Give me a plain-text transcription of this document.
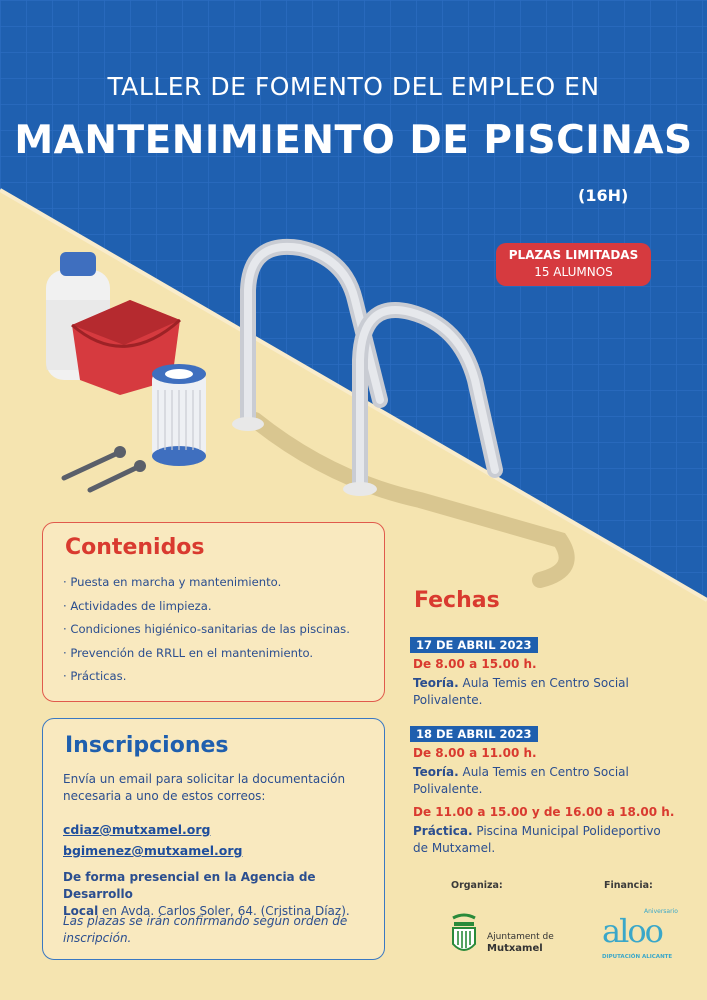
TALLER DE FOMENTO DEL EMPLEO EN
MANTENIMIENTO DE PISCINAS
(16H)
PLAZAS LIMITADAS
15 ALUMNOS
Contenidos
· Puesta en marcha y mantenimiento.
· Actividades de limpieza.
· Condiciones higiénico-sanitarias de las piscinas.
· Prevención de RRLL en el mantenimiento.
· Prácticas.
Inscripciones
Envía un email para solicitar la documentación
necesaria a uno de estos correos:
cdiaz@mutxamel.org
bgimenez@mutxamel.org
De forma presencial en la Agencia de Desarrollo
Local en Avda. Carlos Soler, 64. (Cristina Díaz).
Las plazas se irán confirmando según orden de
inscripción.
Fechas
17 DE ABRIL 2023
De 8.00 a 15.00 h.
Teoría. Aula Temis en Centro Social
Polivalente.
18 DE ABRIL 2023
De 8.00 a 11.00 h.
Teoría. Aula Temis en Centro Social
Polivalente.
De 11.00 a 15.00 y de 16.00 a 18.00 h.
Práctica. Piscina Municipal Polideportivo
de Mutxamel.
Organiza:	Financia:
Ajuntament de
Mutxamel
Aniversario
aloo
DIPUTACIÓN ALICANTE
